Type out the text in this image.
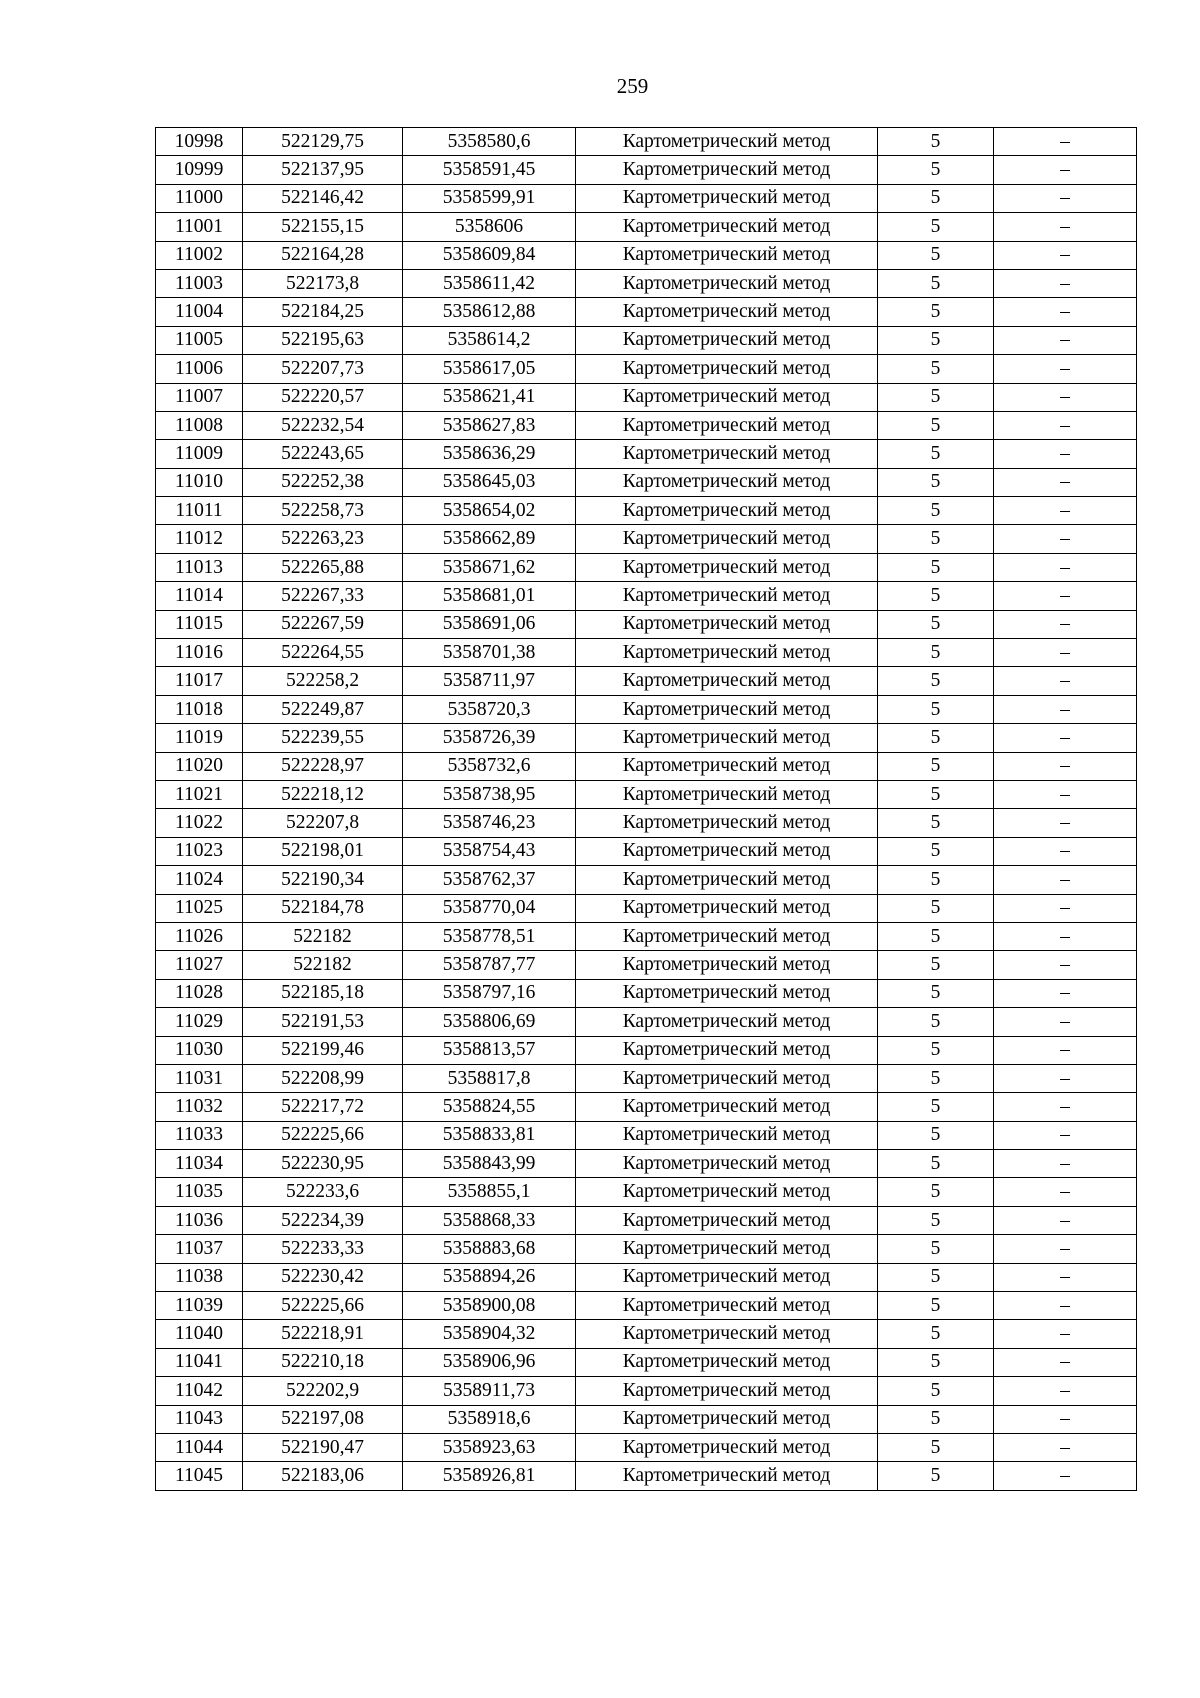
259
10998	522129,75	5358580,6	Картометрический метод	5	–
10999	522137,95	5358591,45	Картометрический метод	5	–
11000	522146,42	5358599,91	Картометрический метод	5	–
11001	522155,15	5358606	Картометрический метод	5	–
11002	522164,28	5358609,84	Картометрический метод	5	–
11003	522173,8	5358611,42	Картометрический метод	5	–
11004	522184,25	5358612,88	Картометрический метод	5	–
11005	522195,63	5358614,2	Картометрический метод	5	–
11006	522207,73	5358617,05	Картометрический метод	5	–
11007	522220,57	5358621,41	Картометрический метод	5	–
11008	522232,54	5358627,83	Картометрический метод	5	–
11009	522243,65	5358636,29	Картометрический метод	5	–
11010	522252,38	5358645,03	Картометрический метод	5	–
11011	522258,73	5358654,02	Картометрический метод	5	–
11012	522263,23	5358662,89	Картометрический метод	5	–
11013	522265,88	5358671,62	Картометрический метод	5	–
11014	522267,33	5358681,01	Картометрический метод	5	–
11015	522267,59	5358691,06	Картометрический метод	5	–
11016	522264,55	5358701,38	Картометрический метод	5	–
11017	522258,2	5358711,97	Картометрический метод	5	–
11018	522249,87	5358720,3	Картометрический метод	5	–
11019	522239,55	5358726,39	Картометрический метод	5	–
11020	522228,97	5358732,6	Картометрический метод	5	–
11021	522218,12	5358738,95	Картометрический метод	5	–
11022	522207,8	5358746,23	Картометрический метод	5	–
11023	522198,01	5358754,43	Картометрический метод	5	–
11024	522190,34	5358762,37	Картометрический метод	5	–
11025	522184,78	5358770,04	Картометрический метод	5	–
11026	522182	5358778,51	Картометрический метод	5	–
11027	522182	5358787,77	Картометрический метод	5	–
11028	522185,18	5358797,16	Картометрический метод	5	–
11029	522191,53	5358806,69	Картометрический метод	5	–
11030	522199,46	5358813,57	Картометрический метод	5	–
11031	522208,99	5358817,8	Картометрический метод	5	–
11032	522217,72	5358824,55	Картометрический метод	5	–
11033	522225,66	5358833,81	Картометрический метод	5	–
11034	522230,95	5358843,99	Картометрический метод	5	–
11035	522233,6	5358855,1	Картометрический метод	5	–
11036	522234,39	5358868,33	Картометрический метод	5	–
11037	522233,33	5358883,68	Картометрический метод	5	–
11038	522230,42	5358894,26	Картометрический метод	5	–
11039	522225,66	5358900,08	Картометрический метод	5	–
11040	522218,91	5358904,32	Картометрический метод	5	–
11041	522210,18	5358906,96	Картометрический метод	5	–
11042	522202,9	5358911,73	Картометрический метод	5	–
11043	522197,08	5358918,6	Картометрический метод	5	–
11044	522190,47	5358923,63	Картометрический метод	5	–
11045	522183,06	5358926,81	Картометрический метод	5	–
